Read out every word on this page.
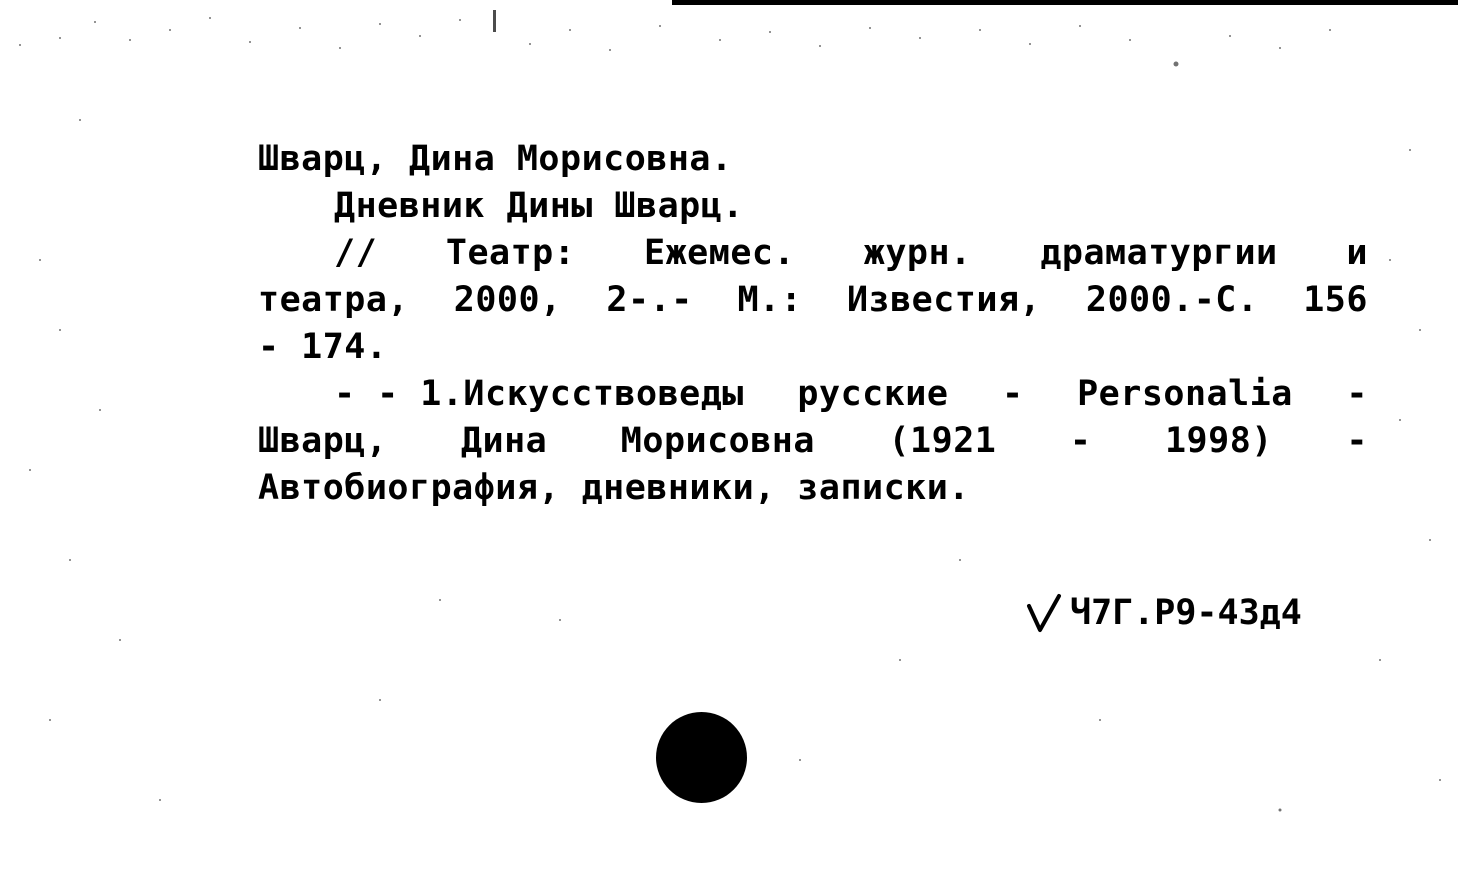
Шварц, Дина Морисовна.
Дневник Дины Шварц.
// Театр: Ежемес. журн. драматургии и
театра, 2000, 2-.- М.: Известия, 2000.-С. 156
- 174.
- - 1.Искусствоведы русские - Personalia -
Шварц, Дина Морисовна (1921 - 1998) -
Автобиография, дневники, записки.
Ч7Г.Р9-43д4
